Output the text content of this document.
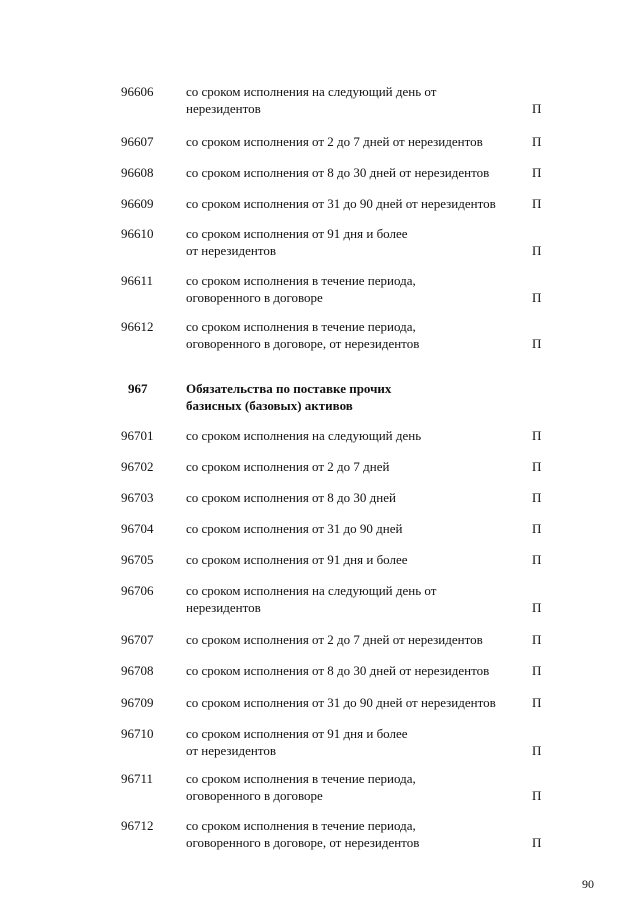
96606	со сроком исполнения на следующий день от
нерезидентов	П
96607	со сроком исполнения от 2 до 7 дней от нерезидентов	П
96608	со сроком исполнения от 8 до 30 дней от нерезидентов	П
96609	со сроком исполнения от 31 до 90 дней от нерезидентов	П
96610	со сроком исполнения от 91 дня и более
от нерезидентов	П
96611	со сроком исполнения в течение периода,
оговоренного в договоре	П
96612	со сроком исполнения в течение периода,
оговоренного в договоре, от нерезидентов	П
967	Обязательства по поставке прочих
базисных (базовых) активов
96701	со сроком исполнения на следующий день	П
96702	со сроком исполнения от 2 до 7 дней	П
96703	со сроком исполнения от 8 до 30 дней	П
96704	со сроком исполнения от 31 до 90 дней	П
96705	со сроком исполнения от 91 дня и более	П
96706	со сроком исполнения на следующий день от
нерезидентов	П
96707	со сроком исполнения от 2 до 7 дней от нерезидентов	П
96708	со сроком исполнения от 8 до 30 дней от нерезидентов	П
96709	со сроком исполнения от 31 до 90 дней от нерезидентов	П
96710	со сроком исполнения от 91 дня и более
от нерезидентов	П
96711	со сроком исполнения в течение периода,
оговоренного в договоре	П
96712	со сроком исполнения в течение периода,
оговоренного в договоре, от нерезидентов	П
90
